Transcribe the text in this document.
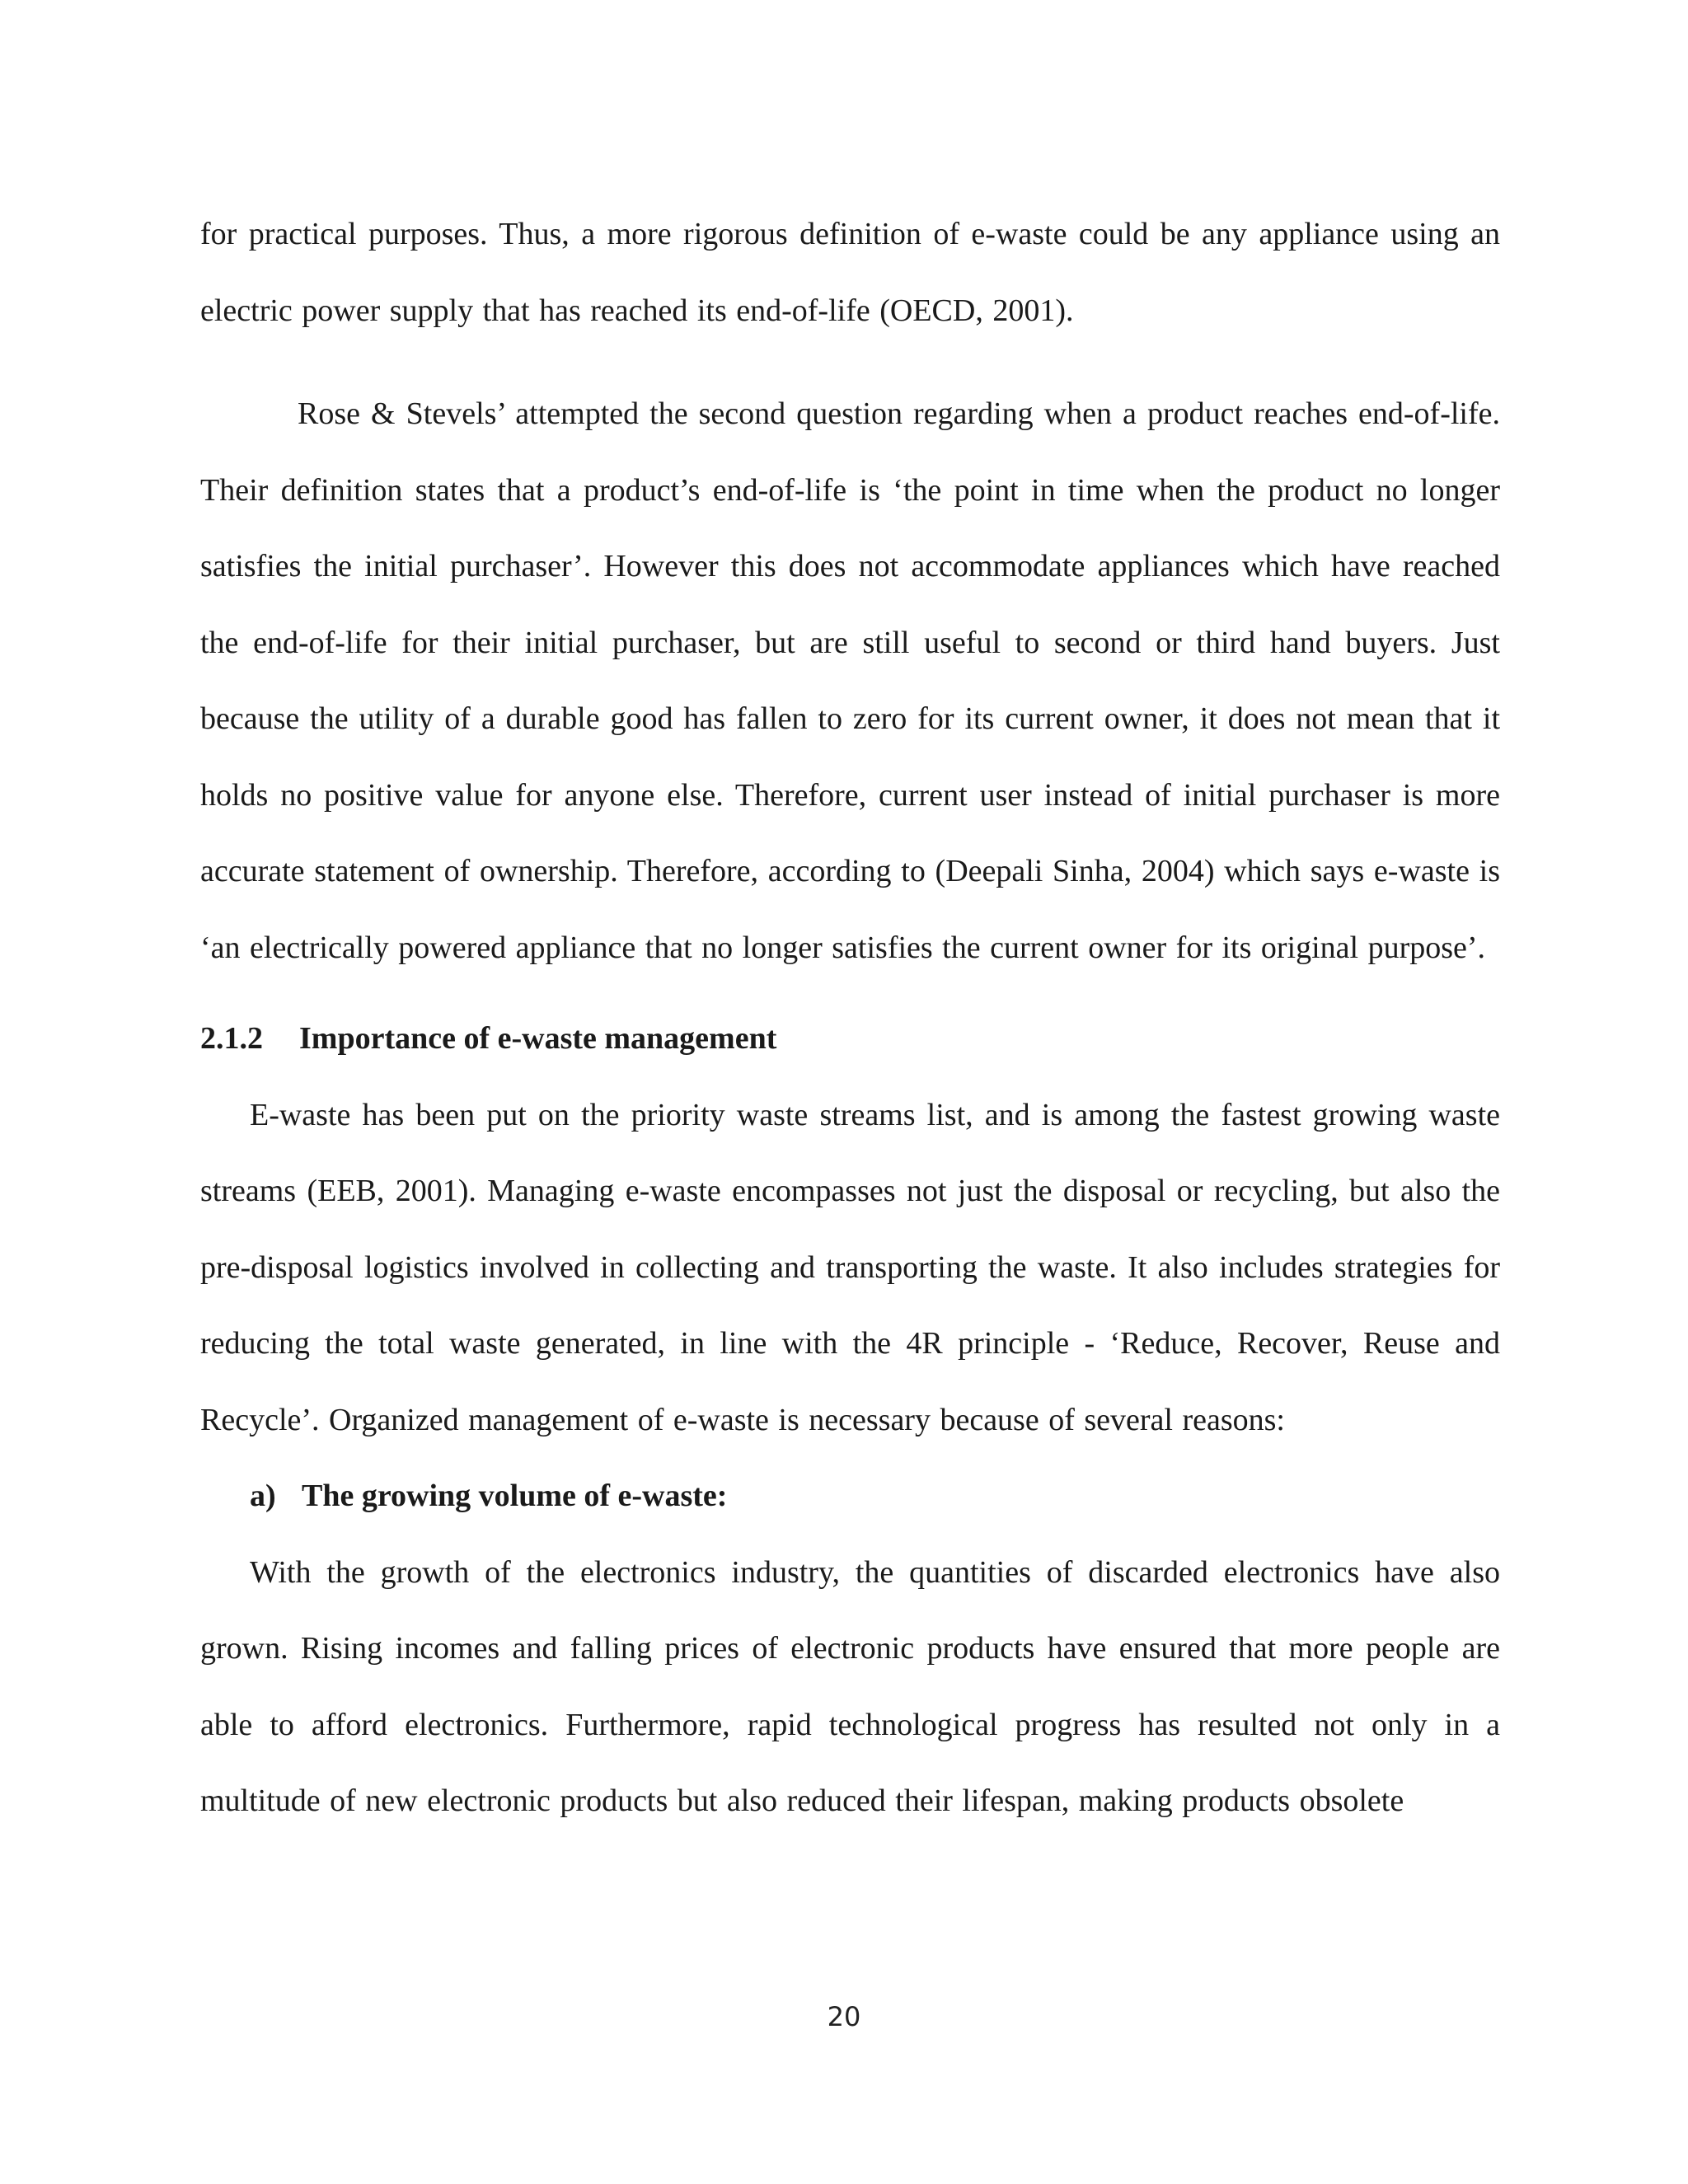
for practical purposes. Thus, a more rigorous definition of e-waste could be any appliance using an electric power supply that has reached its end-of-life (OECD, 2001).

Rose & Stevels’ attempted the second question regarding when a product reaches end-of-life. Their definition states that a product’s end-of-life is ‘the point in time when the product no longer satisfies the initial purchaser’. However this does not accommodate appliances which have reached the end-of-life for their initial purchaser, but are still useful to second or third hand buyers. Just because the utility of a durable good has fallen to zero for its current owner, it does not mean that it holds no positive value for anyone else. Therefore, current user instead of initial purchaser is more accurate statement of ownership. Therefore, according to (Deepali Sinha, 2004) which says e-waste is ‘an electrically powered appliance that no longer satisfies the current owner for its original purpose’.

2.1.2 Importance of e-waste management

E-waste has been put on the priority waste streams list, and is among the fastest growing waste streams (EEB, 2001). Managing e-waste encompasses not just the disposal or recycling, but also the pre-disposal logistics involved in collecting and transporting the waste. It also includes strategies for reducing the total waste generated, in line with the 4R principle - ‘Reduce, Recover, Reuse and Recycle’. Organized management of e-waste is necessary because of several reasons:

a) The growing volume of e-waste:

With the growth of the electronics industry, the quantities of discarded electronics have also grown. Rising incomes and falling prices of electronic products have ensured that more people are able to afford electronics. Furthermore, rapid technological progress has resulted not only in a multitude of new electronic products but also reduced their lifespan, making products obsolete

20
